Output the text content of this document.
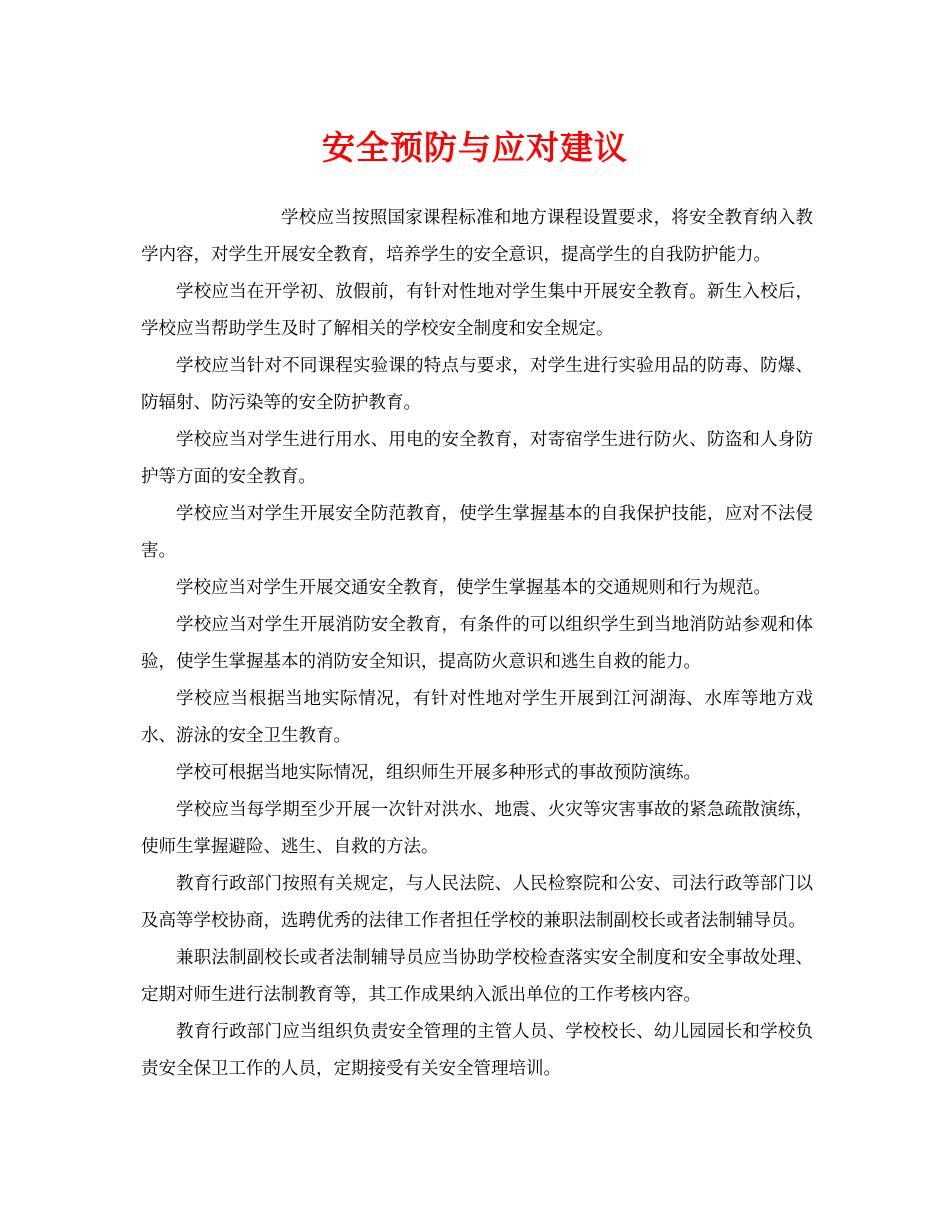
安全预防与应对建议

学校应当按照国家课程标准和地方课程设置要求，将安全教育纳入教学内容，对学生开展安全教育，培养学生的安全意识，提高学生的自我防护能力。

学校应当在开学初、放假前，有针对性地对学生集中开展安全教育。新生入校后，学校应当帮助学生及时了解相关的学校安全制度和安全规定。

学校应当针对不同课程实验课的特点与要求，对学生进行实验用品的防毒、防爆、防辐射、防污染等的安全防护教育。

学校应当对学生进行用水、用电的安全教育，对寄宿学生进行防火、防盗和人身防护等方面的安全教育。

学校应当对学生开展安全防范教育，使学生掌握基本的自我保护技能，应对不法侵害。

学校应当对学生开展交通安全教育，使学生掌握基本的交通规则和行为规范。

学校应当对学生开展消防安全教育，有条件的可以组织学生到当地消防站参观和体验，使学生掌握基本的消防安全知识，提高防火意识和逃生自救的能力。

学校应当根据当地实际情况，有针对性地对学生开展到江河湖海、水库等地方戏水、游泳的安全卫生教育。

学校可根据当地实际情况，组织师生开展多种形式的事故预防演练。

学校应当每学期至少开展一次针对洪水、地震、火灾等灾害事故的紧急疏散演练，使师生掌握避险、逃生、自救的方法。

教育行政部门按照有关规定，与人民法院、人民检察院和公安、司法行政等部门以及高等学校协商，选聘优秀的法律工作者担任学校的兼职法制副校长或者法制辅导员。

兼职法制副校长或者法制辅导员应当协助学校检查落实安全制度和安全事故处理、定期对师生进行法制教育等，其工作成果纳入派出单位的工作考核内容。

教育行政部门应当组织负责安全管理的主管人员、学校校长、幼儿园园长和学校负责安全保卫工作的人员，定期接受有关安全管理培训。
